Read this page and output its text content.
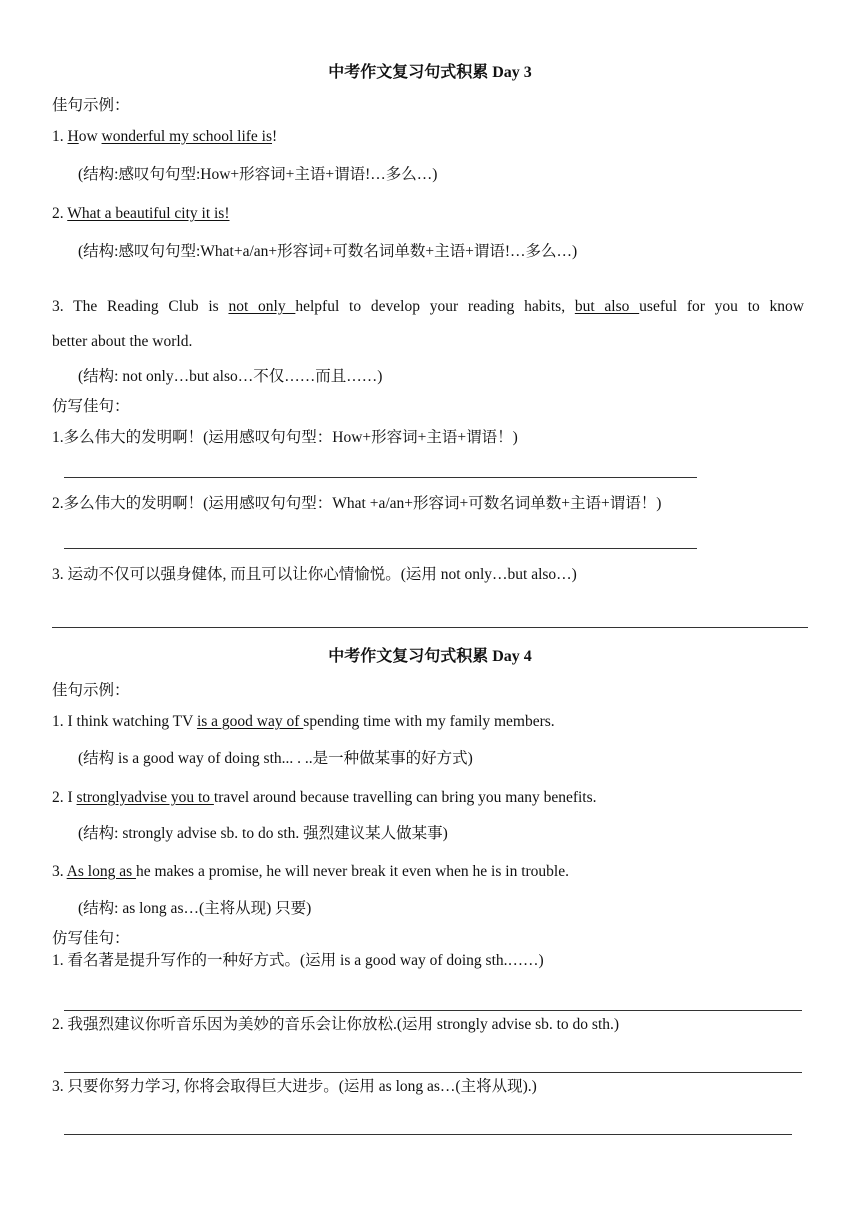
中考作文复习句式积累 Day 3
佳句示例：
1. How wonderful my school life is!
(结构:感叹句句型:How+形容词+主语+谓语!…多么…)
2. What a beautiful city it is!
(结构:感叹句句型:What+a/an+形容词+可数名词单数+主语+谓语!…多么…)
3. The Reading Club is not only helpful to develop your reading habits, but also useful for you to know
better about the world.
(结构: not only…but also…不仅……而且……)
仿写佳句：
1.多么伟大的发明啊！(运用感叹句句型：How+形容词+主语+谓语！)
2.多么伟大的发明啊！(运用感叹句句型：What +a/an+形容词+可数名词单数+主语+谓语！)
3. 运动不仅可以强身健体, 而且可以让你心情愉悦。(运用 not only…but also…)
中考作文复习句式积累 Day 4
佳句示例：
1. I think watching TV is a good way of spending time with my family members.
(结构 is a good way of doing sth... . ..是一种做某事的好方式)
2. I stronglyadvise you to travel around because travelling can bring you many benefits.
(结构: strongly advise sb. to do sth. 强烈建议某人做某事)
3. As long as he makes a promise, he will never break it even when he is in trouble.
(结构: as long as…(主将从现) 只要)
仿写佳句：
1. 看名著是提升写作的一种好方式。(运用 is a good way of doing sth.……)
2. 我强烈建议你听音乐因为美妙的音乐会让你放松.(运用 strongly advise sb. to do sth.)
3. 只要你努力学习, 你将会取得巨大进步。(运用 as long as…(主将从现).)
